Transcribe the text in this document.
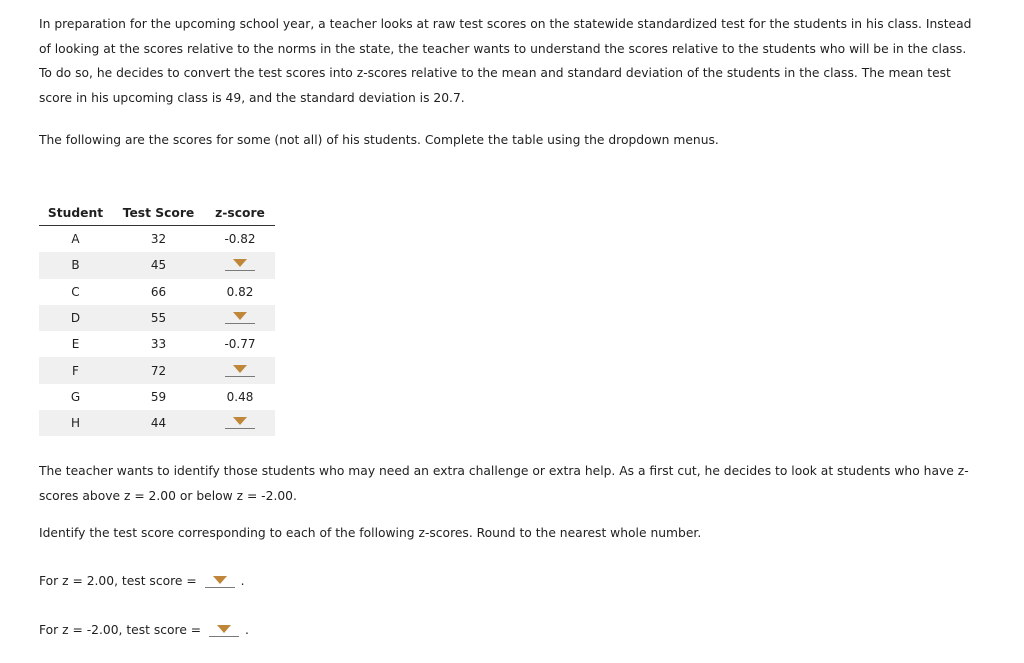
In preparation for the upcoming school year, a teacher looks at raw test scores on the statewide standardized test for the students in his class. Instead of looking at the scores relative to the norms in the state, the teacher wants to understand the scores relative to the students who will be in the class. To do so, he decides to convert the test scores into z-scores relative to the mean and standard deviation of the students in the class. The mean test score in his upcoming class is 49, and the standard deviation is 20.7.

The following are the scores for some (not all) of his students. Complete the table using the dropdown menus.

Student	Test Score	z-score
A	32	-0.82
B	45	

C	66	0.82
D	55	

E	33	-0.77
F	72	

G	59	0.48
H	44	

The teacher wants to identify those students who may need an extra challenge or extra help. As a first cut, he decides to look at students who have z-scores above z = 2.00 or below z = -2.00.

Identify the test score corresponding to each of the following z-scores. Round to the nearest whole number.

For z = 2.00, test score =	.

For z = -2.00, test score =	.
